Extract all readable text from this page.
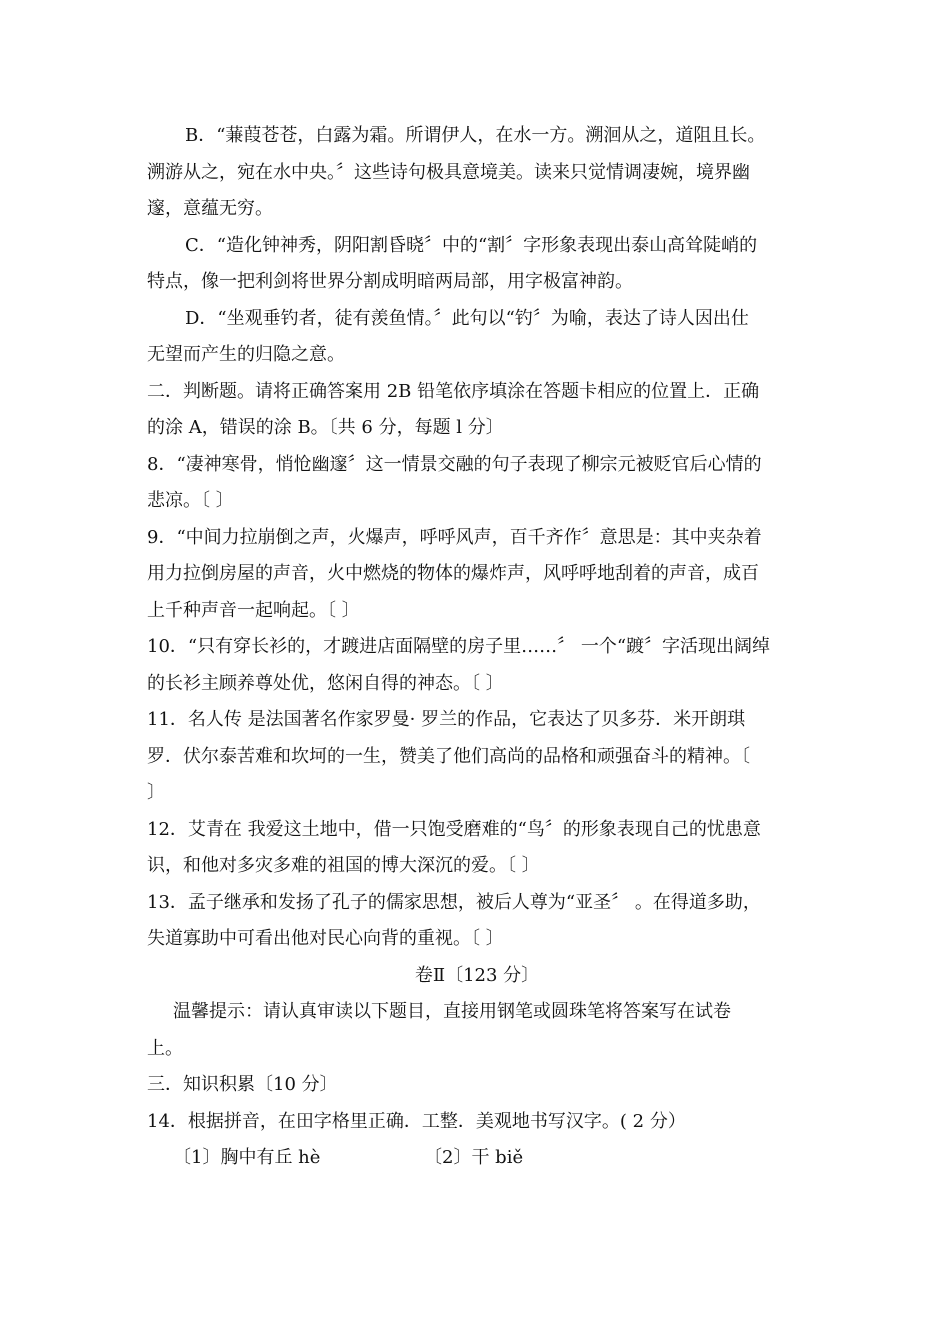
B．“蒹葭苍苍，白露为霜。所谓伊人，在水一方。溯洄从之，道阻且长。
溯游从之，宛在水中央。〞这些诗句极具意境美。读来只觉情调凄婉，境界幽
邃，意蕴无穷。
C．“造化钟神秀，阴阳割昏晓〞中的“割〞字形象表现出泰山高耸陡峭的
特点，像一把利剑将世界分割成明暗两局部，用字极富神韵。
D．“坐观垂钓者，徒有羡鱼情。〞此句以“钓〞为喻，表达了诗人因出仕
无望而产生的归隐之意。
二．判断题。请将正确答案用 2B 铅笔依序填涂在答题卡相应的位置上．正确
的涂 A，错误的涂 B。〔共 6 分，每题 l 分〕
8．“凄神寒骨，悄怆幽邃〞这一情景交融的句子表现了柳宗元被贬官后心情的
悲凉。〔 〕
9．“中间力拉崩倒之声，火爆声，呼呼风声，百千齐作〞意思是：其中夹杂着
用力拉倒房屋的声音，火中燃烧的物体的爆炸声，风呼呼地刮着的声音，成百
上千种声音一起响起。〔 〕
10．“只有穿长衫的，才踱进店面隔壁的房子里……〞 一个“踱〞字活现出阔绰
的长衫主顾养尊处优，悠闲自得的神态。〔 〕
11．名人传 是法国著名作家罗曼· 罗兰的作品，它表达了贝多芬．米开朗琪
罗．伏尔泰苦难和坎坷的一生，赞美了他们高尚的品格和顽强奋斗的精神。〔
〕
12．艾青在 我爱这土地中，借一只饱受磨难的“鸟〞的形象表现自己的忧患意
识，和他对多灾多难的祖国的博大深沉的爱。〔 〕
13．孟子继承和发扬了孔子的儒家思想，被后人尊为“亚圣〞 。在得道多助，
失道寡助中可看出他对民心向背的重视。〔 〕
卷Ⅱ〔123 分〕
温馨提示：请认真审读以下题目，直接用钢笔或圆珠笔将答案写在试卷
上。
三．知识积累〔10 分〕
14．根据拼音，在田字格里正确．工整．美观地书写汉字。( 2 分）
〔1〕胸中有丘 hè	〔2〕干 biě
